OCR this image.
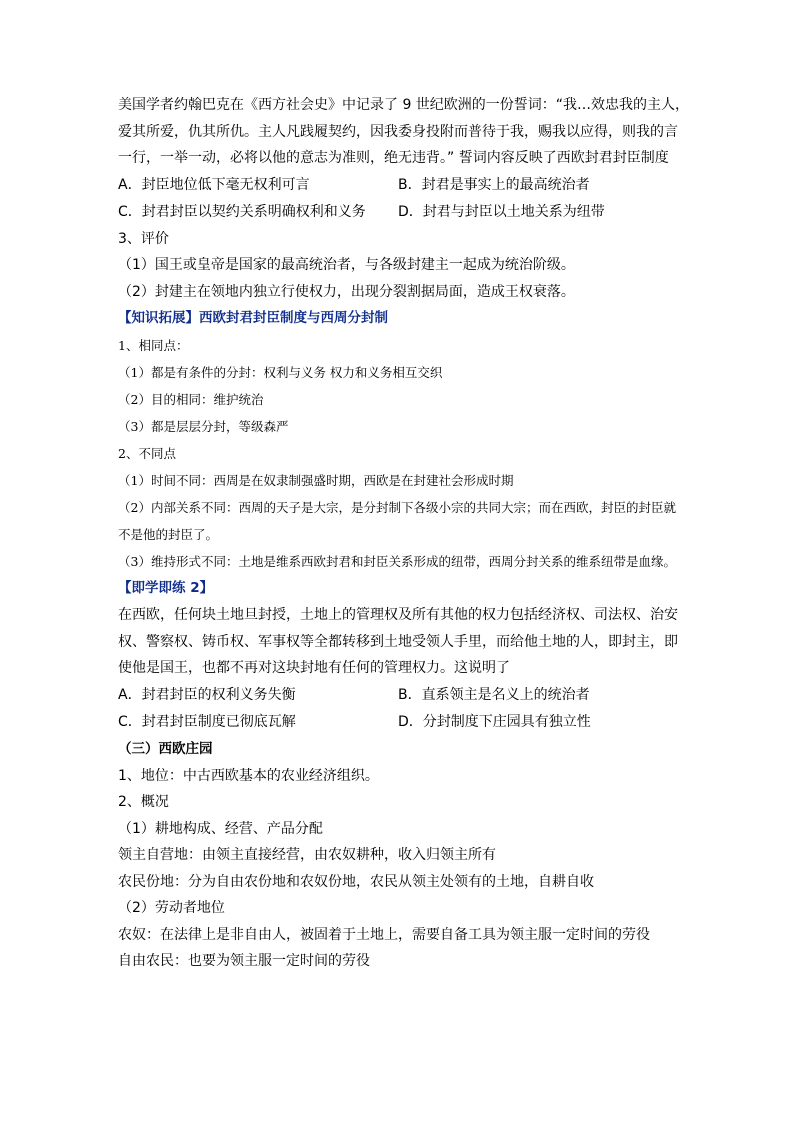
美国学者约翰巴克在《西方社会史》中记录了 9 世纪欧洲的一份誓词：“我…效忠我的主人，
爱其所爱，仇其所仇。主人凡践履契约，因我委身投附而普待于我，赐我以应得，则我的言
一行，一举一动，必将以他的意志为准则，绝无违背。” 誓词内容反映了西欧封君封臣制度
A．封臣地位低下毫无权利可言	B．封君是事实上的最高统治者
C．封君封臣以契约关系明确权利和义务	D．封君与封臣以土地关系为纽带
3、评价
（1）国王或皇帝是国家的最高统治者，与各级封建主一起成为统治阶级。
（2）封建主在领地内独立行使权力，出现分裂割据局面，造成王权衰落。
【知识拓展】西欧封君封臣制度与西周分封制
1、相同点：
（1）都是有条件的分封：权利与义务 权力和义务相互交织
（2）目的相同：维护统治
（3）都是层层分封，等级森严
2、不同点
（1）时间不同：西周是在奴隶制强盛时期，西欧是在封建社会形成时期
（2）内部关系不同：西周的天子是大宗，是分封制下各级小宗的共同大宗；而在西欧，封臣的封臣就不是他的封臣了。
（3）维持形式不同：土地是维系西欧封君和封臣关系形成的纽带，西周分封关系的维系纽带是血缘。
【即学即练 2】
在西欧，任何块土地旦封授，土地上的管理权及所有其他的权力包括经济权、司法权、治安
权、警察权、铸币权、军事权等全都转移到土地受领人手里，而给他土地的人，即封主，即
使他是国王，也都不再对这块封地有任何的管理权力。这说明了
A．封君封臣的权利义务失衡	B．直系领主是名义上的统治者
C．封君封臣制度已彻底瓦解	D．分封制度下庄园具有独立性
（三）西欧庄园
1、地位：中古西欧基本的农业经济组织。
2、概况
（1）耕地构成、经营、产品分配
领主自营地：由领主直接经营，由农奴耕种，收入归领主所有
农民份地：分为自由农份地和农奴份地，农民从领主处领有的土地，自耕自收
（2）劳动者地位
农奴：在法律上是非自由人，被固着于土地上，需要自备工具为领主服一定时间的劳役
自由农民：也要为领主服一定时间的劳役
